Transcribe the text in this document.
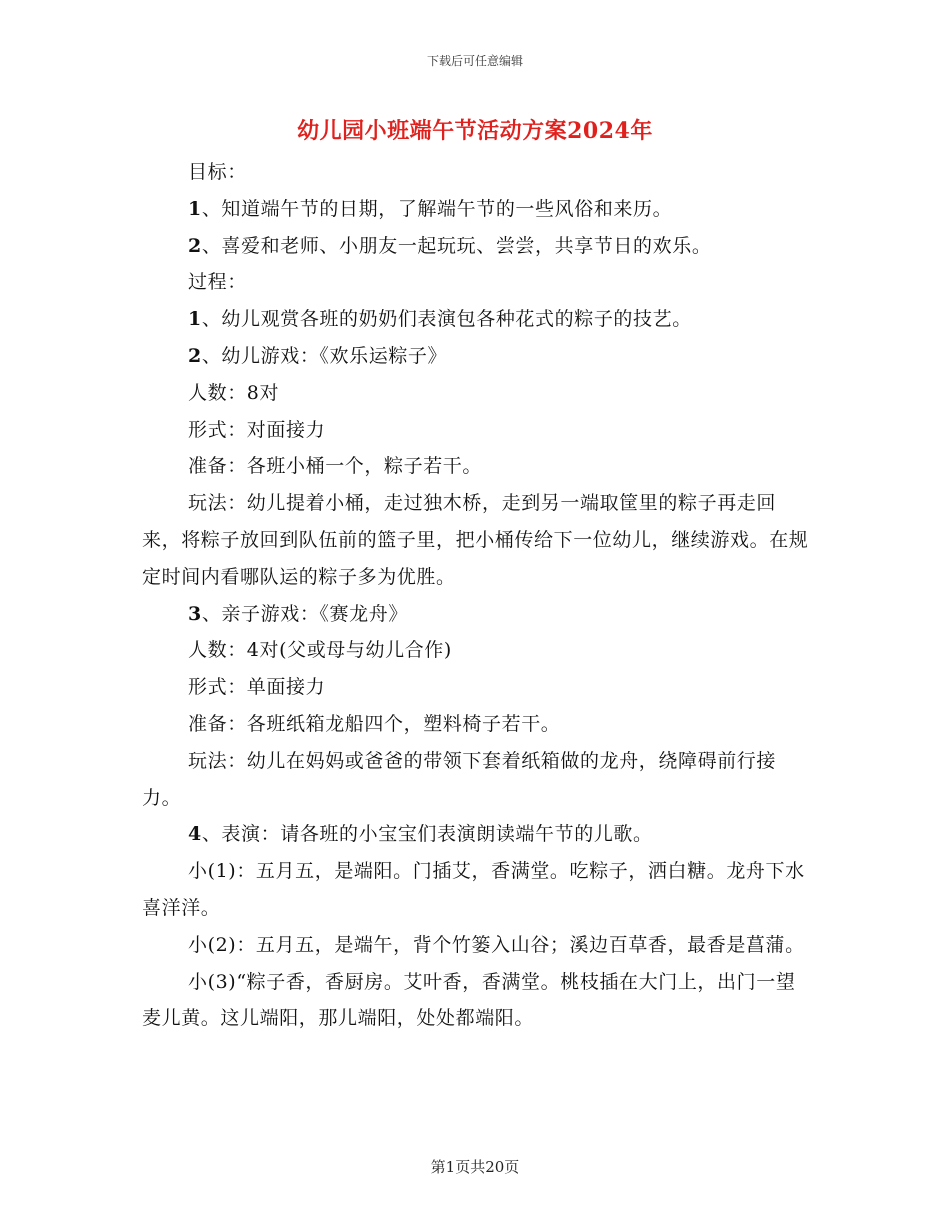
下载后可任意编辑
幼儿园小班端午节活动方案2024年

目标：

1、知道端午节的日期，了解端午节的一些风俗和来历。

2、喜爱和老师、小朋友一起玩玩、尝尝，共享节日的欢乐。

过程：

1、幼儿观赏各班的奶奶们表演包各种花式的粽子的技艺。

2、幼儿游戏：《欢乐运粽子》

人数：8对

形式：对面接力

准备：各班小桶一个，粽子若干。

玩法：幼儿提着小桶，走过独木桥，走到另一端取筐里的粽子再走回来，将粽子放回到队伍前的篮子里，把小桶传给下一位幼儿，继续游戏。在规定时间内看哪队运的粽子多为优胜。

3、亲子游戏：《赛龙舟》

人数：4对(父或母与幼儿合作)

形式：单面接力

准备：各班纸箱龙船四个，塑料椅子若干。

玩法：幼儿在妈妈或爸爸的带领下套着纸箱做的龙舟，绕障碍前行接力。

4、表演：请各班的小宝宝们表演朗读端午节的儿歌。

小(1)：五月五，是端阳。门插艾，香满堂。吃粽子，洒白糖。龙舟下水喜洋洋。

小(2)：五月五，是端午，背个竹篓入山谷；溪边百草香，最香是菖蒲。

小(3)“粽子香，香厨房。艾叶香，香满堂。桃枝插在大门上，出门一望麦儿黄。这儿端阳，那儿端阳，处处都端阳。

第1页共20页
